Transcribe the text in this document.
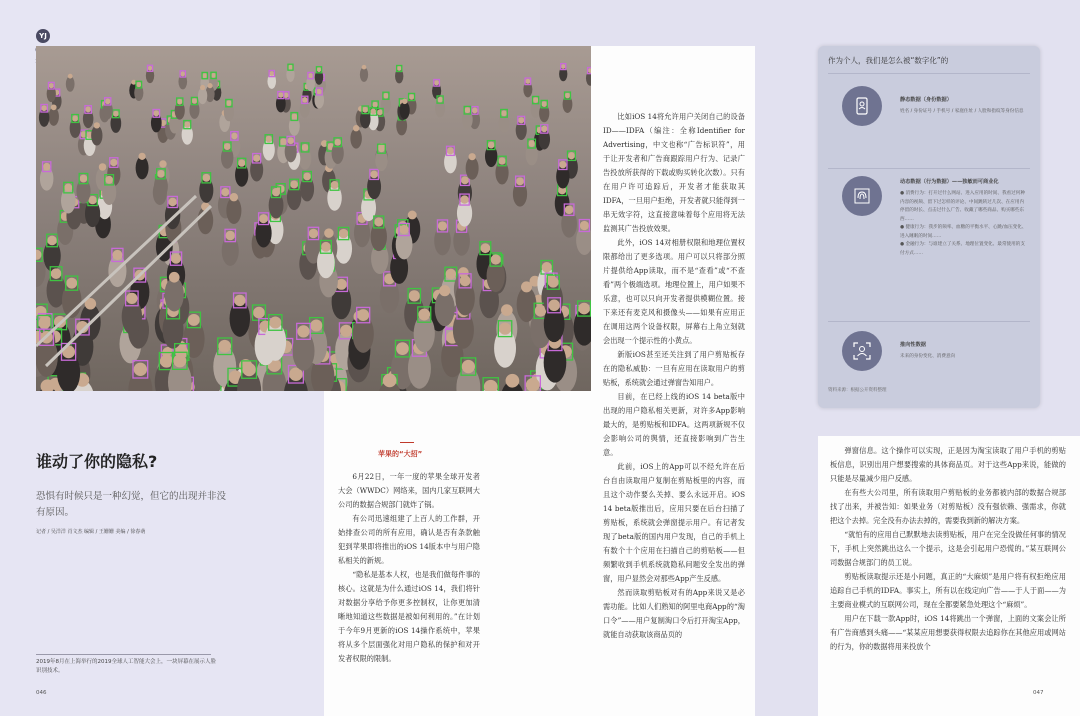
YJ
谁动了你的隐私?
恐惧有时候只是一种幻觉，但它的出现并非没有原因。
记者 / 吴洋洋 肖文杰 编辑 / 王姗姗 美编 / 徐春萌
2019年8月在上海举行的2019全球人工智能大会上，一块屏幕在展示人脸识别技术。
046	047
苹果的“大招”

6月22日，一年一度的苹果全球开发者大会（WWDC）网络来，国内几家互联网大公司的数据合规部门就炸了锅。

有公司迅速组建了上百人的工作群，开始排查公司的所有应用，确认是否有条款触犯到苹果即将推出的iOS 14版本中与用户隐私相关的新规。

“隐私是基本人权，也是我们做每件事的核心。这就是为什么通过iOS 14，我们将针对数据分享给予你更多控制权，让你更加清晰地知道这些数据是被如何利用的。”在计划于今年9月更新的iOS 14操作系统中，苹果将从多个层面强化对用户隐私的保护和对开发者权限的限制。

比如iOS 14将允许用户关闭自己的设备ID——IDFA（编注：全称Identifier for Advertising，中文也称“广告标识符”，用于让开发者和广告商跟踪用户行为、记录广告投放所获得的下载或购买转化次数）。只有在用户许可追踪后，开发者才能获取其IDFA，一旦用户拒绝，开发者就只能得到一串无效字符，这直接意味着每个应用将无法监测其广告投放效果。

此外，iOS 14对相册权限和地理位置权限都给出了更多选项。用户可以只将部分照片提供给App读取，而不是“查看”或“不查看”两个极端选项。地理位置上，用户如果不乐意，也可以只向开发者提供模糊位置。接下来还有麦克风和摄像头——如果有应用正在调用这两个设备权限，屏幕右上角立刻就会出现一个提示性的小黄点。

新版iOS甚至还关注到了用户剪贴板存在的隐私威胁：一旦有应用在读取用户的剪贴板，系统就会通过弹窗告知用户。

目前，在已经上线的iOS 14 beta版中出现的用户隐私相关更新，对许多App影响最大的，是剪贴板和IDFA。这两项新规不仅会影响公司的舆情，还直接影响到广告生意。

此前，iOS上的App可以不经允许在后台自由读取用户复制在剪贴板里的内容，而且这个动作要么关掉、要么永远开启。iOS 14 beta版推出后，应用只要在后台扫描了剪贴板，系统就会弹窗提示用户。有记者发现了beta版的国内用户发现，自己的手机上有数个十个应用在扫描自己的剪贴板——但频繁收到手机系统就隐私问题安全发出的弹窗，用户显然会对那些App产生反感。

然而读取剪贴板对有的App来说又是必需功能。比如人们熟知的阿里电商App的“淘口令”——用户复制淘口令后打开淘宝App，就能自动获取该商品页的

弹窗信息。这个操作可以实现，正是因为淘宝读取了用户手机的剪贴板信息，识别出用户想要搜索的具体商品页。对于这些App来说，能做的只能是尽量减少用户反感。

在有些大公司里，所有读取用户剪贴板的业务都被内部的数据合规部找了出来，并被告知：如果业务（对剪贴板）没有强依赖、强需求，你就把这个去掉。完全没有办法去掉的，需要我到新的解决方案。

“就怕有的应用自己默默地去读剪贴板，用户在完全没做任何事的情况下，手机上突然跳出这么一个提示，这是会引起用户恐慌的。”某互联网公司数据合规部门的员工说。

剪贴板读取提示还是小问题，真正的“大麻烦”是用户将有权拒绝应用追踪自己手机的IDFA。事实上，所有以在线定向广告——于人于面——为主要商业模式的互联网公司，现在全都要紧急处理这个“麻烦”。

用户在下载一款App时，iOS 14将跳出一个弹窗，上面的文案会让所有广告商感到头痛——“某某应用想要获得权限去追踪你在其他应用或网站的行为，你的数据将用来投放个

作为个人，我们是怎么被“数字化”的
静态数据（身份数据）
姓名 / 身份证号 / 手机号 / 家庭住址 / 人脸和指纹等身份信息
动态数据（行为数据）——独敏而可商业化
● 消费行为：打开过什么网站、进入应用的时间、我看过何种内容的视频、留下过怎样的评论、中间跳转过几次、在应用内停留的时长、点击过什么广告、收藏了哪些商品、购买哪些东西……
● 健康行为：我步的频率、血糖的平衡水平、心跳/血压变化、进入睡眠的时间……
● 金融行为：与谁建立了关系、地理位置变化、最常使用的支付方式……
推向性数据
未来的身份变化、消费意向
资料来源：根据公开资料整理
